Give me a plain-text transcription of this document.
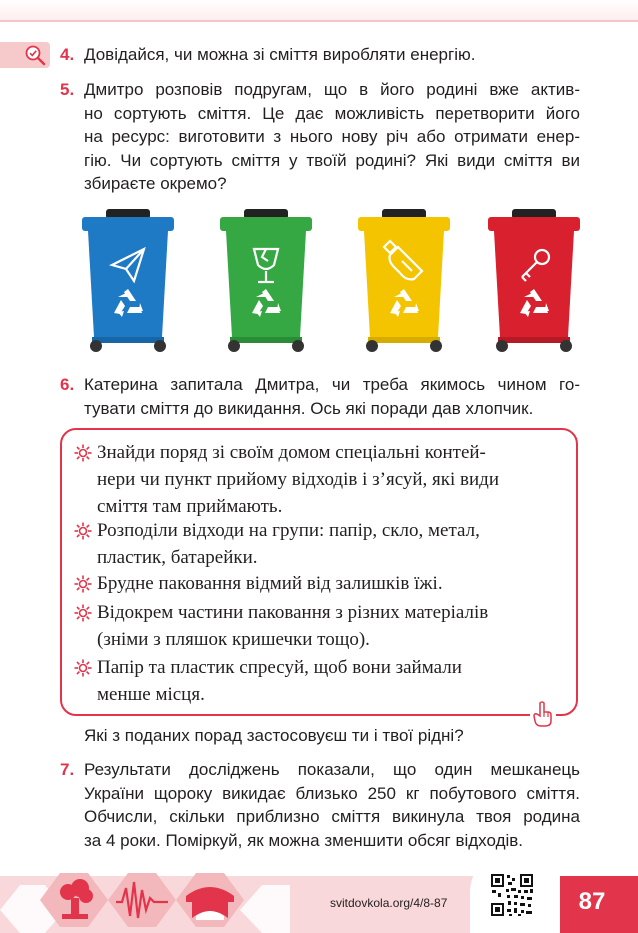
4. Довідайся, чи можна зі сміття виробляти енергію.
5. Дмитро розповів подругам, що в його родині вже актив-
но сортують сміття. Це дає можливість перетворити його
на ресурс: виготовити з нього нову річ або отримати енер-
гію. Чи сортують сміття у твоїй родині? Які види сміття ви
збираєте окремо?
6. Катерина запитала Дмитра, чи треба якимось чином го-
тувати сміття до викидання. Ось які поради дав хлопчик.
Знайди поряд зі своїм домом спеціальні контей-
нери чи пункт прийому відходів і з’ясуй, які види
сміття там приймають.
Розподіли відходи на групи: папір, скло, метал,
пластик, батарейки.
Брудне паковання відмий від залишків їжі.
Відокрем частини паковання з різних матеріалів
(зніми з пляшок кришечки тощо).
Папір та пластик спресуй, щоб вони займали
менше місця.
Які з поданих порад застосовуєш ти і твої рідні?
7. Результати досліджень показали, що один мешканець
України щороку викидає близько 250 кг побутового сміття.
Обчисли, скільки приблизно сміття викинула твоя родина
за 4 роки. Поміркуй, як можна зменшити обсяг відходів.
svitdovkola.org/4/8-87	87
